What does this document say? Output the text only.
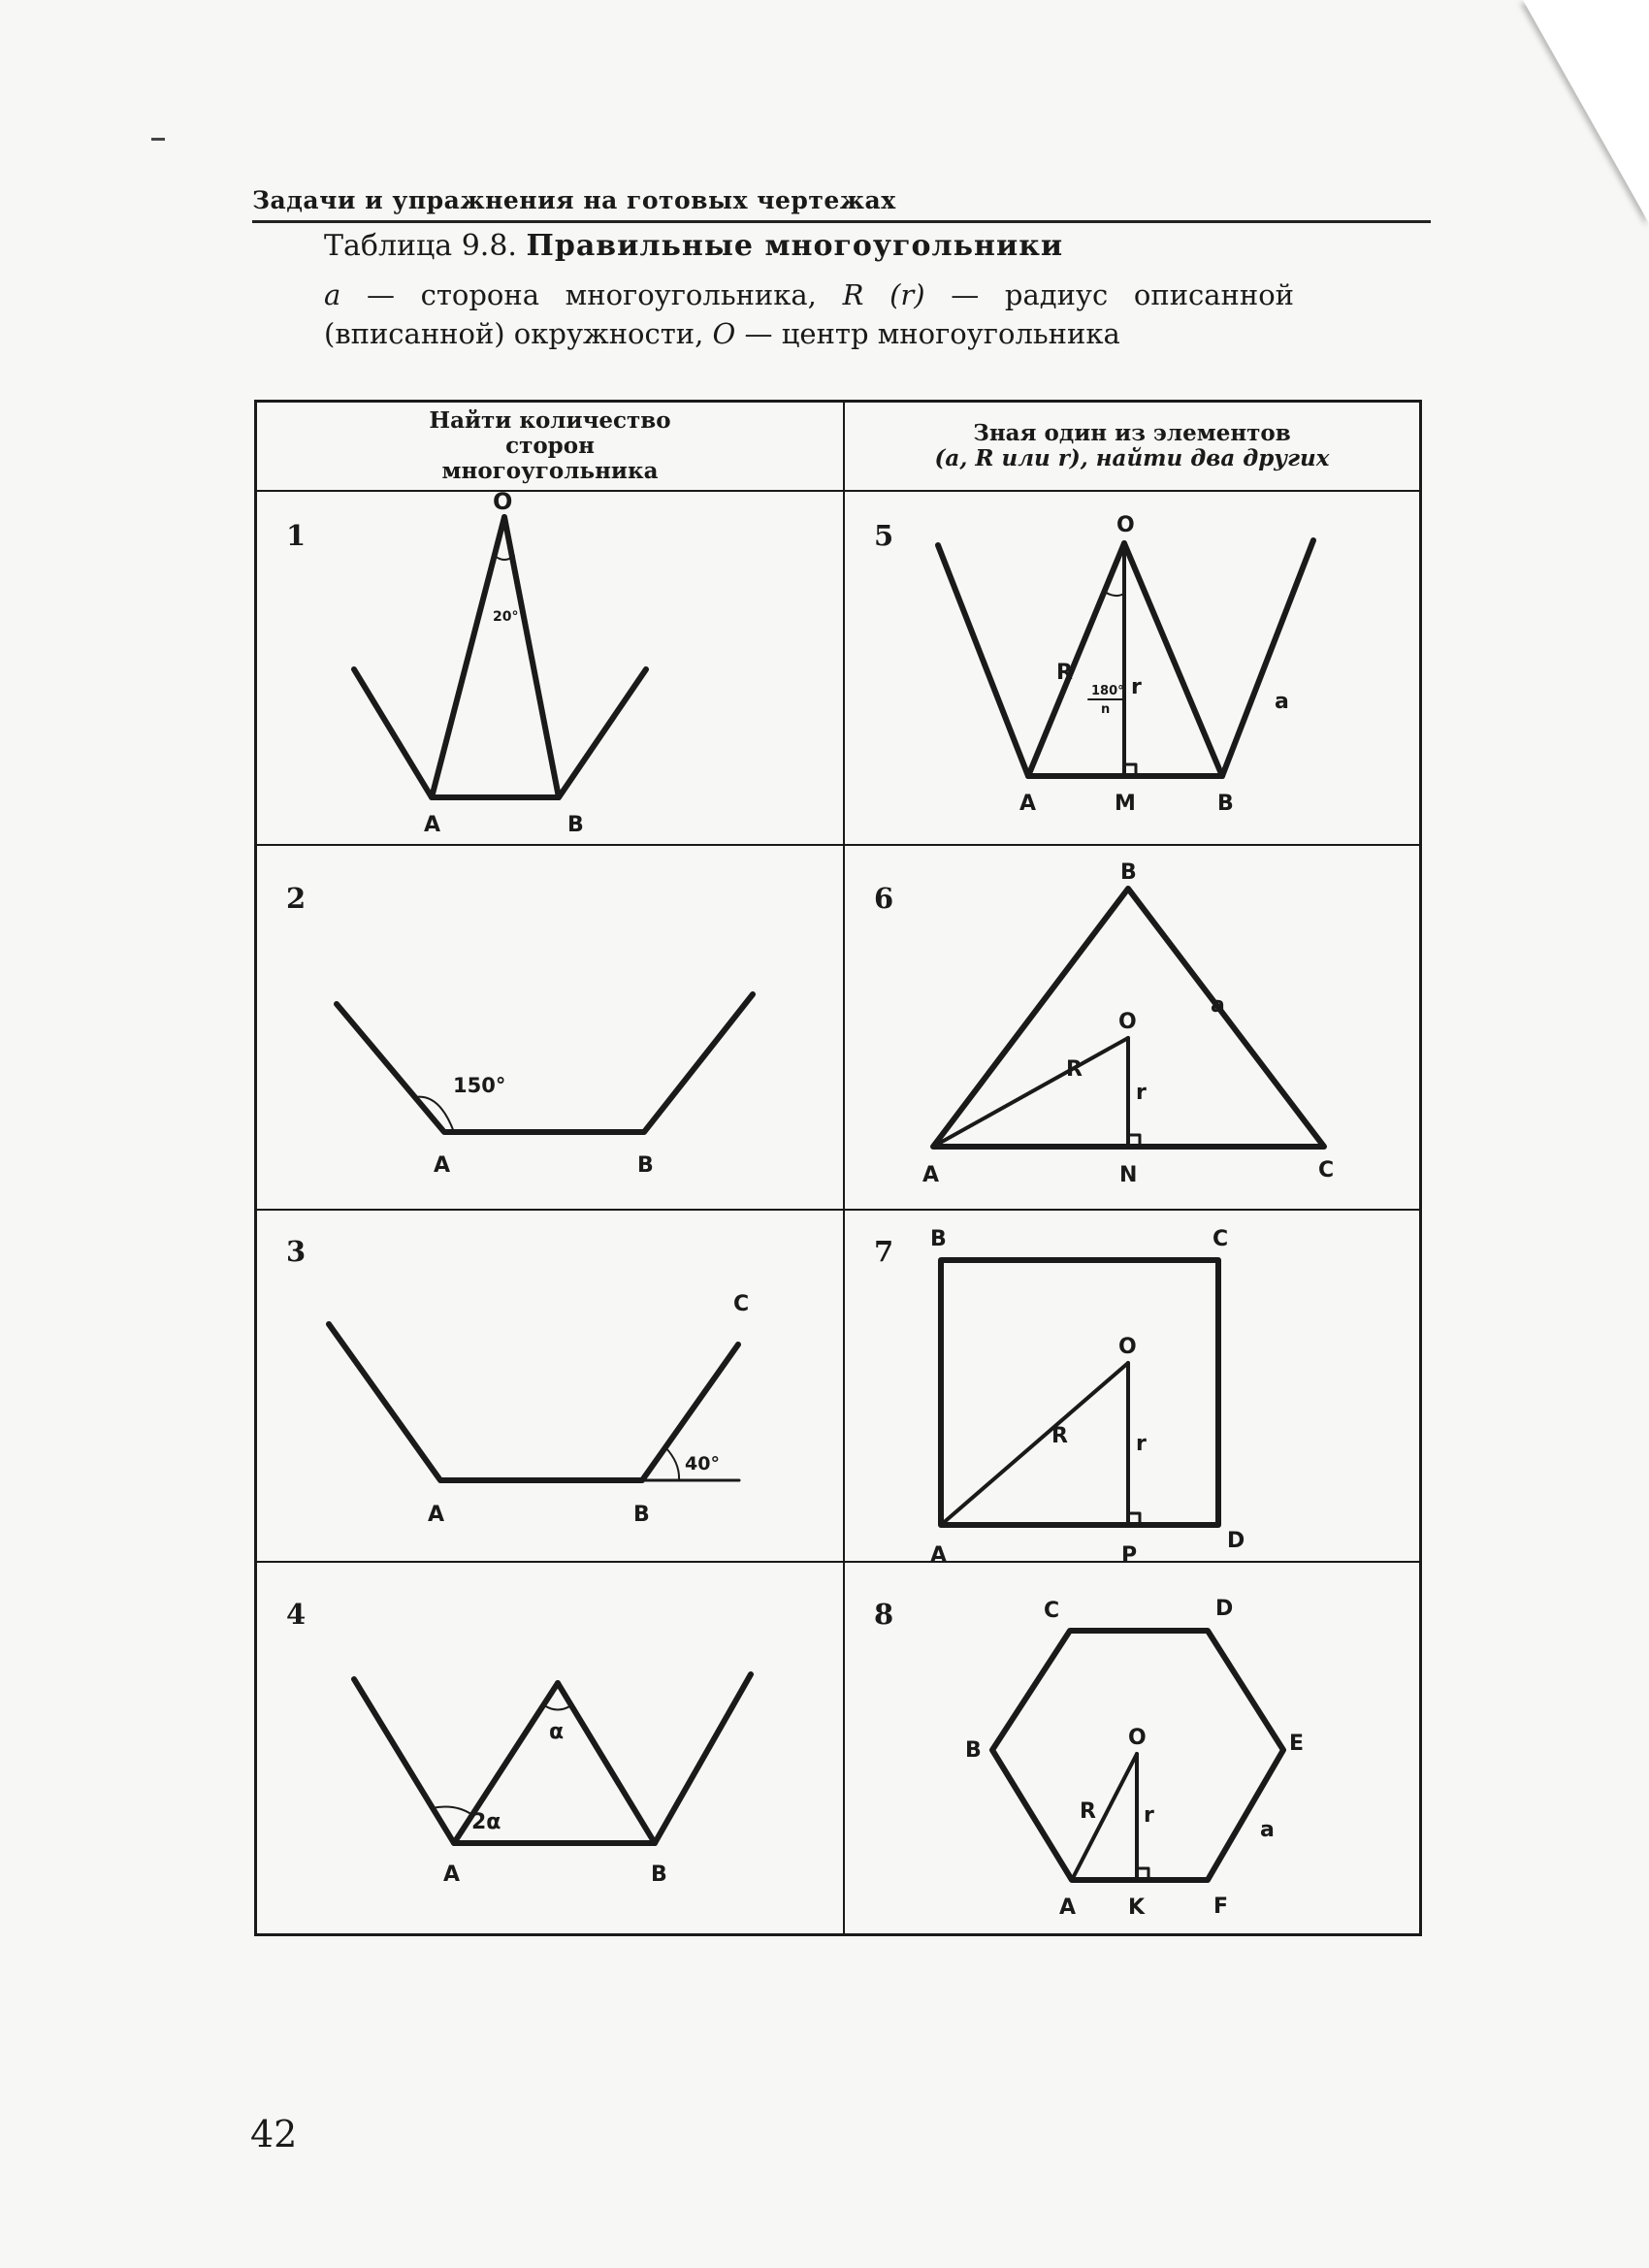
Задачи и упражнения на готовых чертежах
Таблица 9.8. Правильные многоугольники
a — сторона многоугольника, R (r) — радиус описанной
(вписанной) окружности, O — центр многоугольника
Найти количество сторон многоугольника
Зная один из элементов
(a, R или r), найти два других
1
2
3
4
5
6
7
8
O
A	B
20°
A	B
150°
A	B
C
40°
A	B
α
2α
O
A	M	B
R
r
a
180°
n
B
O
A	N	C
R
r
a
B	C
O
A	P
D
R	r
C	D
B	E
O
A K	F
R r
a
42
